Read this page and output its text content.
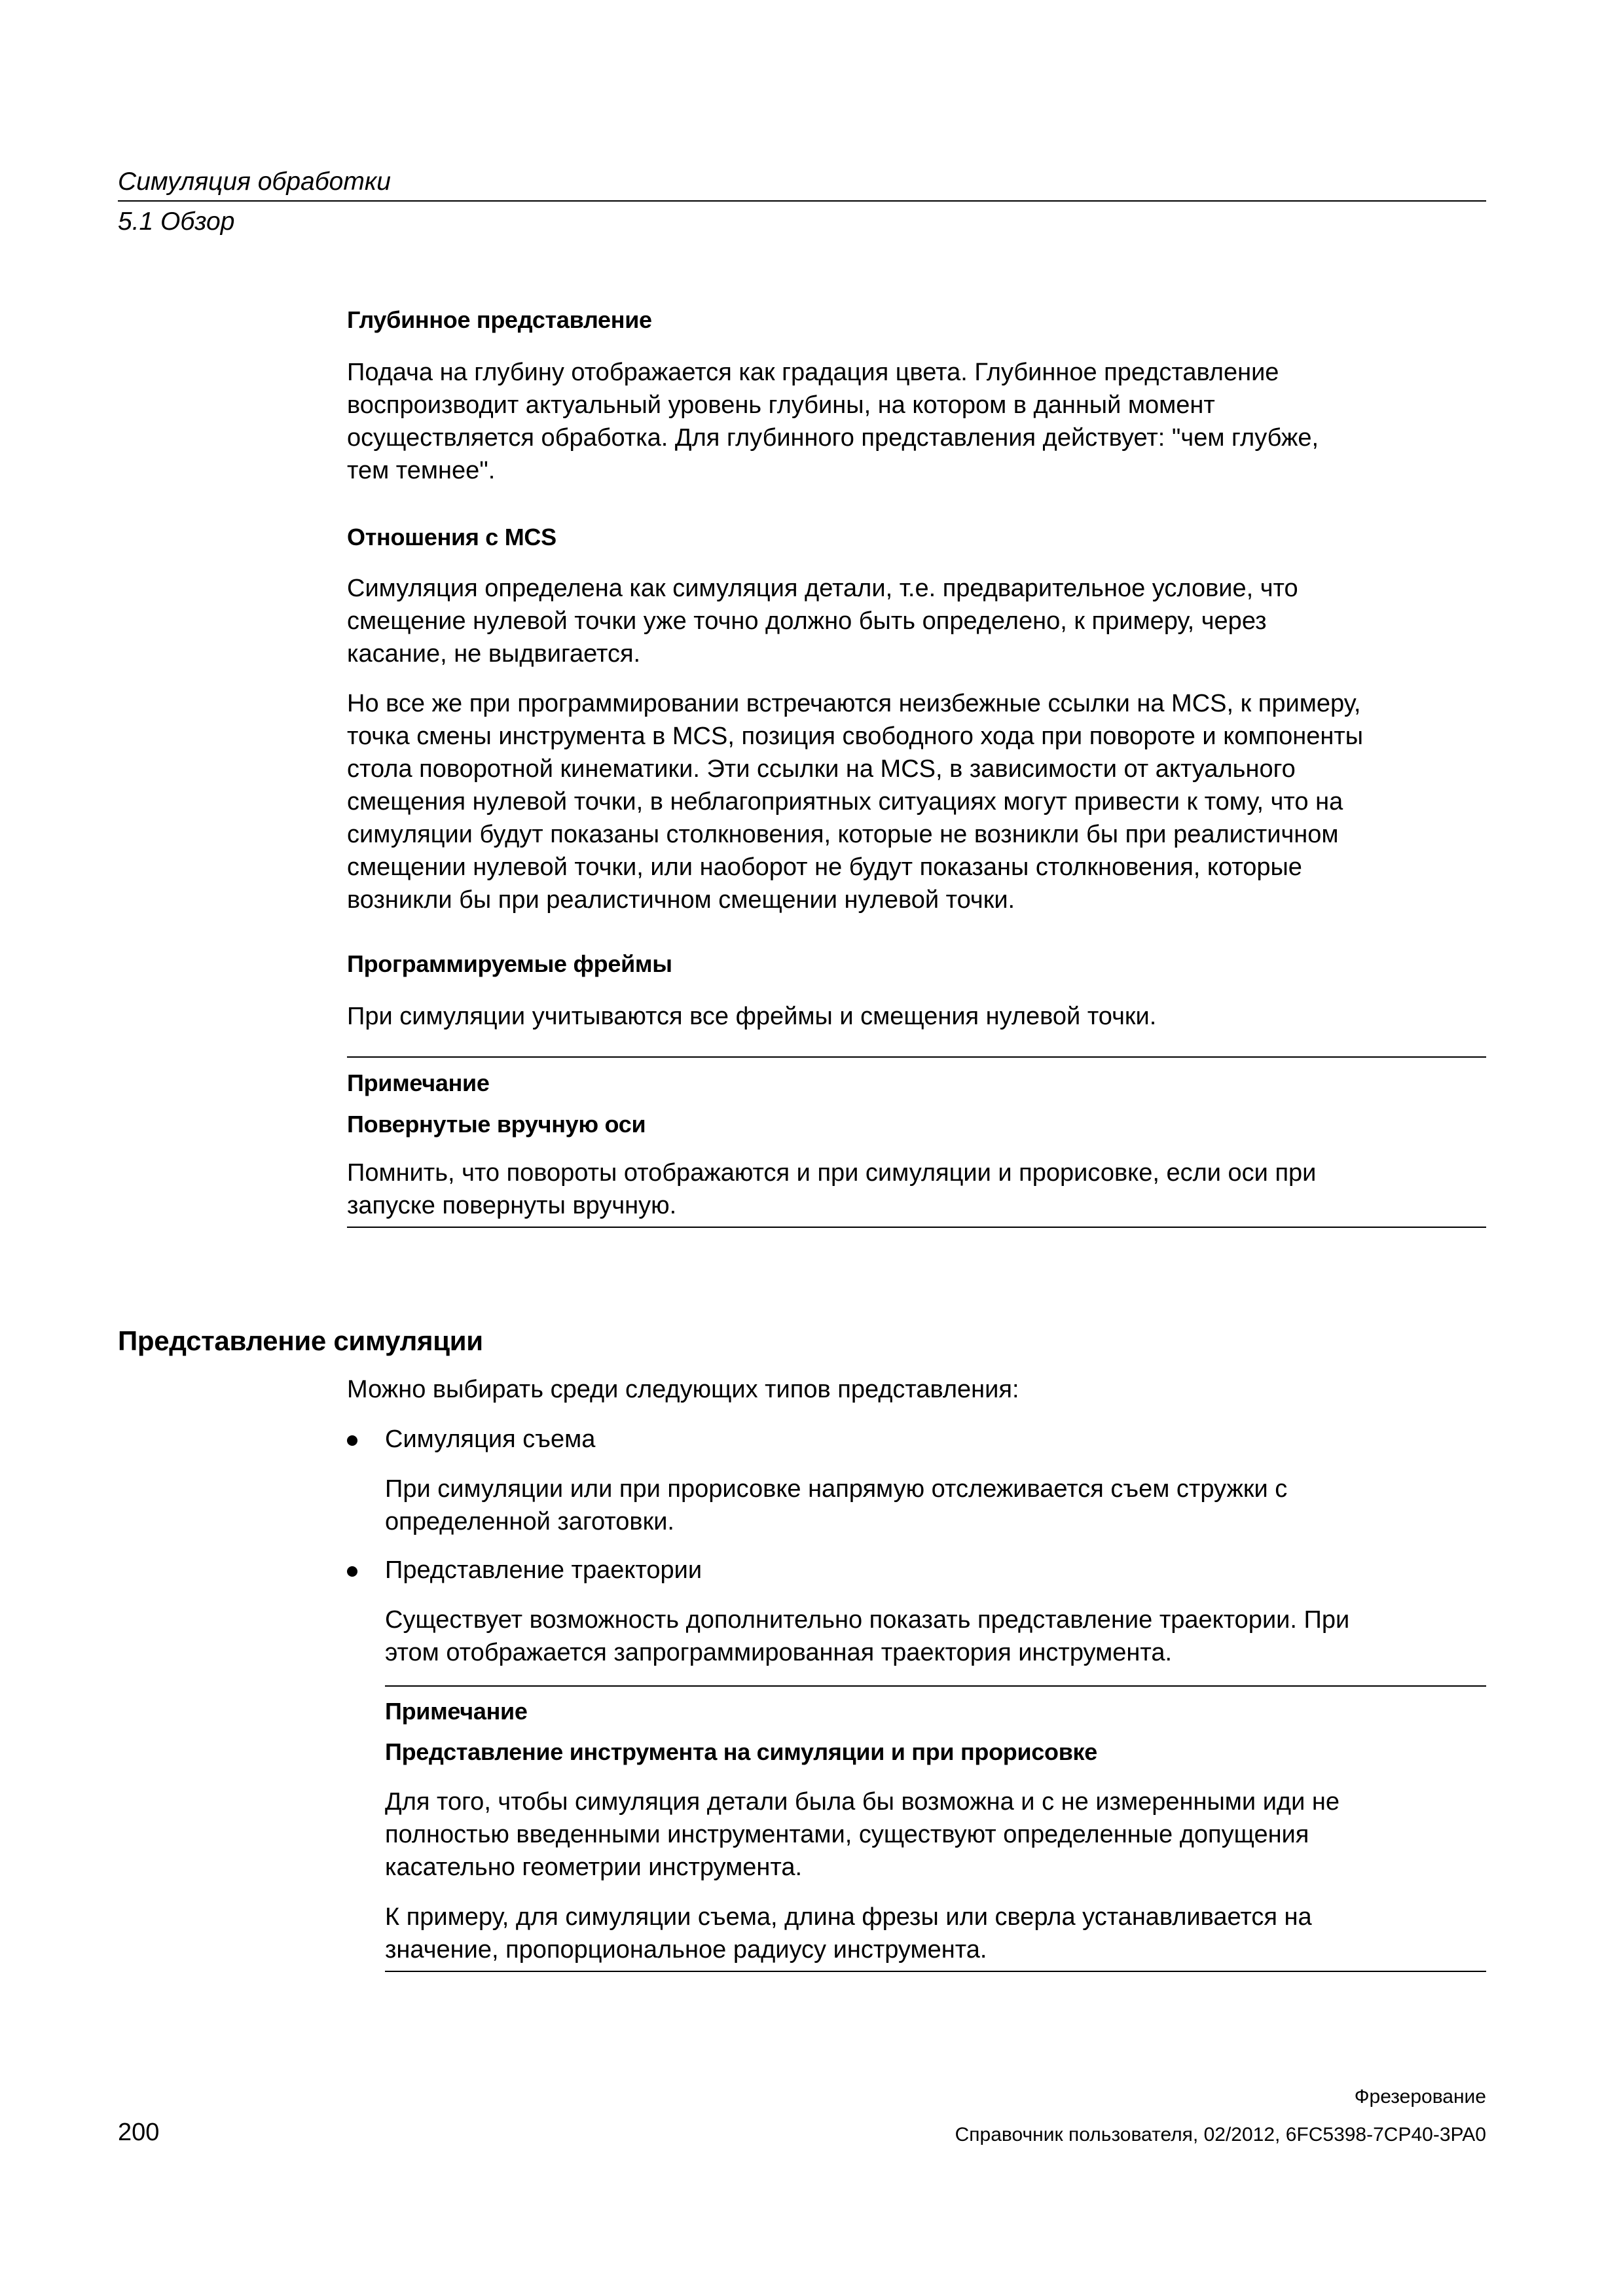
Симуляция обработки
5.1 Обзор
Глубинное представление

Подача на глубину отображается как градация цвета. Глубинное представление

воспроизводит актуальный уровень глубины, на котором в данный момент

осуществляется обработка. Для глубинного представления действует: "чем глубже,

тем темнее".

Отношения с MCS

Симуляция определена как симуляция детали, т.е. предварительное условие, что

смещение нулевой точки уже точно должно быть определено, к примеру, через

касание, не выдвигается.

Но все же при программировании встречаются неизбежные ссылки на MCS, к примеру,

точка смены инструмента в MCS, позиция свободного хода при повороте и компоненты

стола поворотной кинематики. Эти ссылки на MCS, в зависимости от актуального

смещения нулевой точки, в неблагоприятных ситуациях могут привести к тому, что на

симуляции будут показаны столкновения, которые не возникли бы при реалистичном

смещении нулевой точки, или наоборот не будут показаны столкновения, которые

возникли бы при реалистичном смещении нулевой точки.

Программируемые фреймы

При симуляции учитываются все фреймы и смещения нулевой точки.

Примечание
Повернутые вручную оси

Помнить, что повороты отображаются и при симуляции и прорисовке, если оси при

запуске повернуты вручную.

Представление симуляции

Можно выбирать среди следующих типов представления:

Симуляция съема

При симуляции или при прорисовке напрямую отслеживается съем стружки с

определенной заготовки.

Представление траектории

Существует возможность дополнительно показать представление траектории. При

этом отображается запрограммированная траектория инструмента.

Примечание
Представление инструмента на симуляции и при прорисовке

Для того, чтобы симуляция детали была бы возможна и с не измеренными иди не

полностью введенными инструментами, существуют определенные допущения

касательно геометрии инструмента.

К примеру, для симуляции съема, длина фрезы или сверла устанавливается на

значение, пропорциональное радиусу инструмента.

Фрезерование
200	Справочник пользователя, 02/2012, 6FC5398-7CP40-3PA0
